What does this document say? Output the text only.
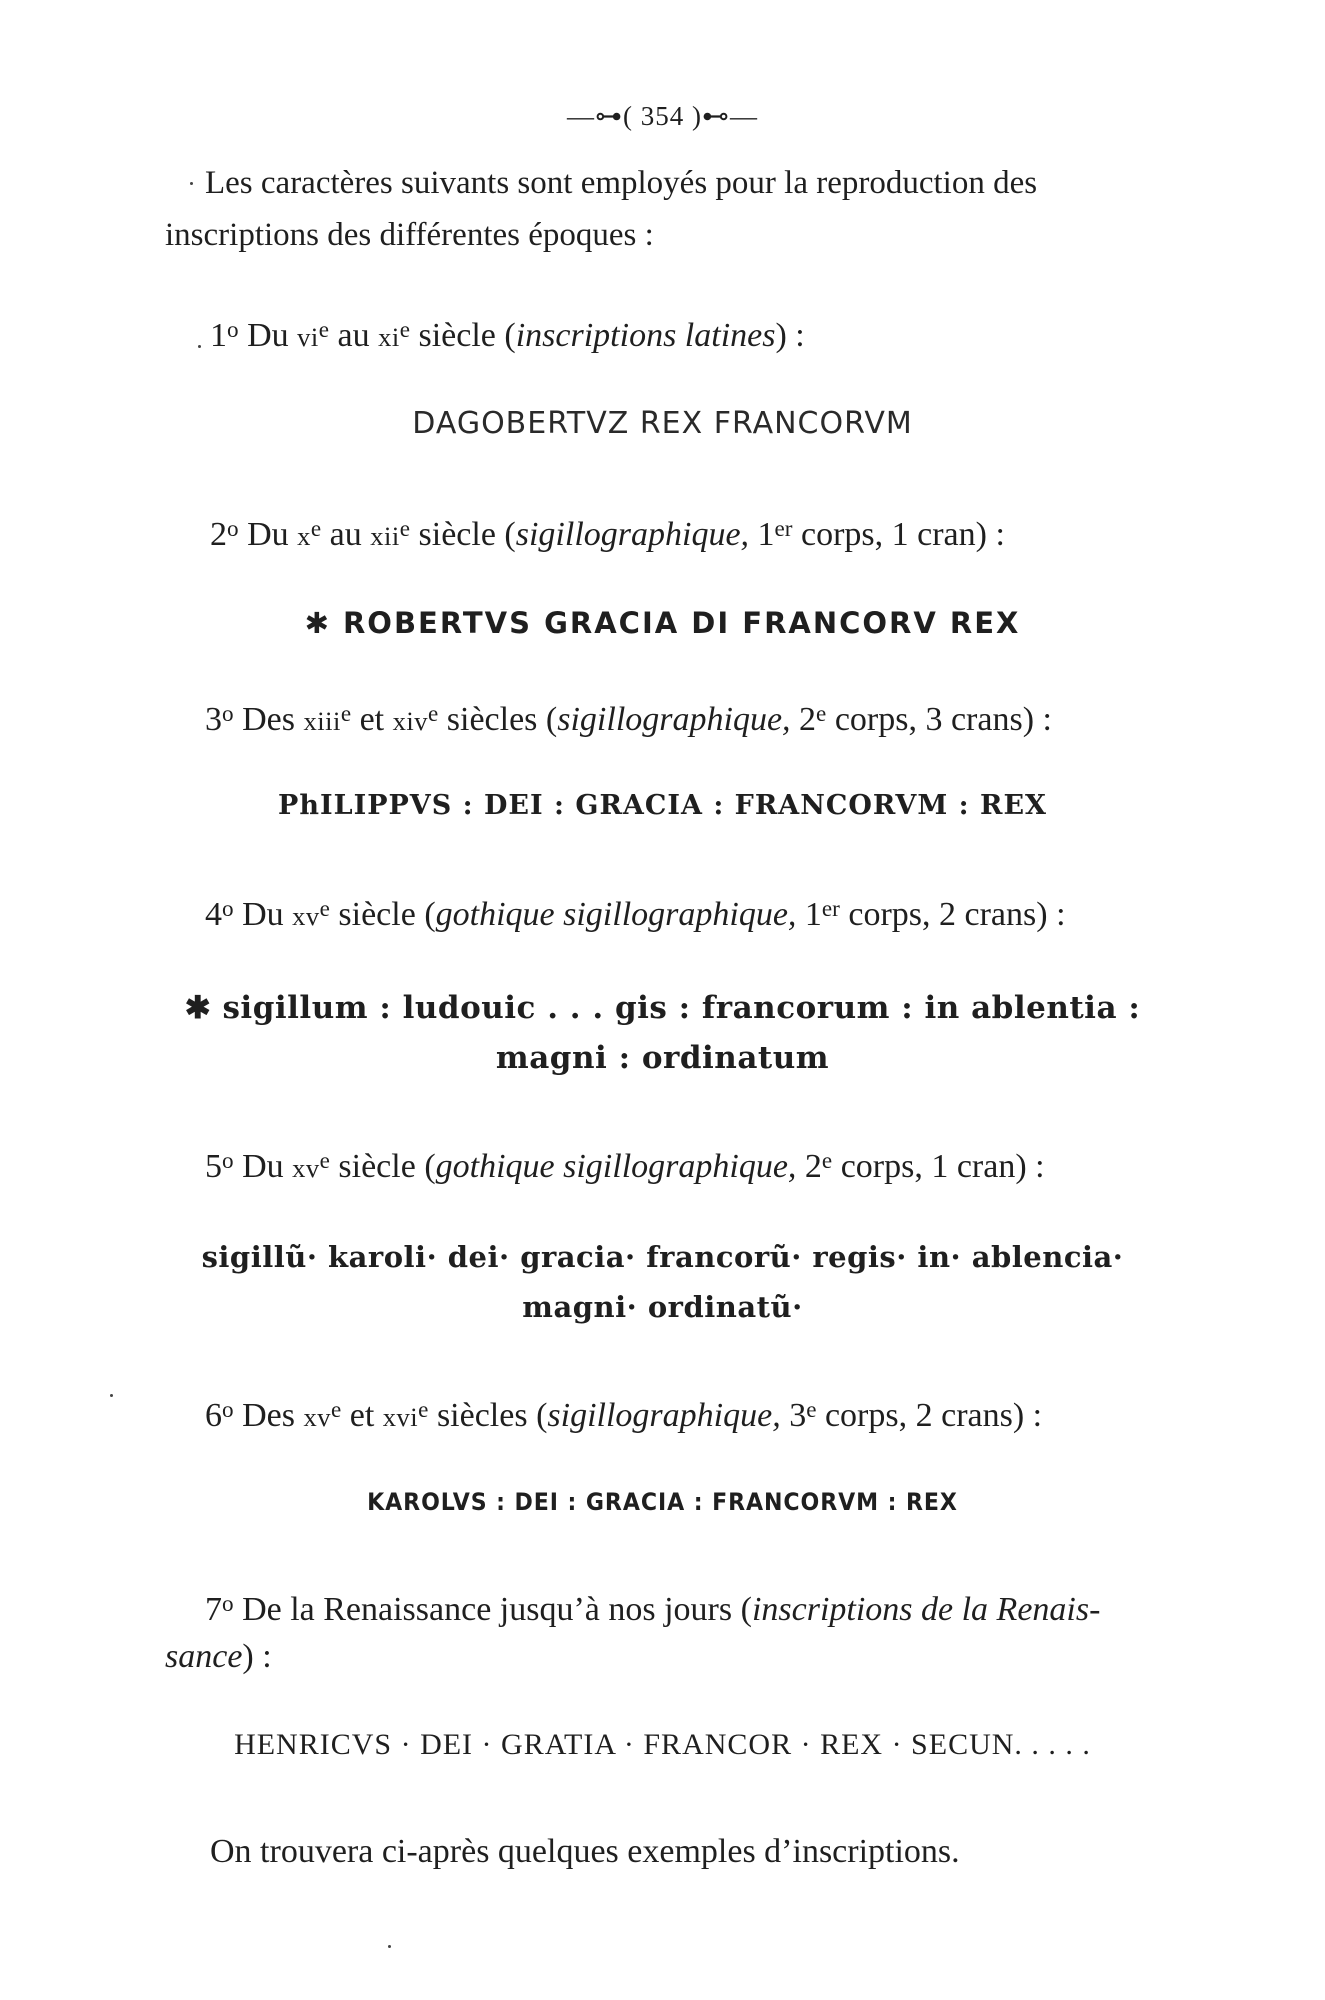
—⊶( 354 )⊷—

Les caractères suivants sont employés pour la reproduction des

inscriptions des différentes époques :

1$^o$ Du $vi^e$ au $xi^e$ siècle (inscriptions latines) :

DAGOBERTVZ REX FRANCORVM

2$^o$ Du $x^e$ au xii$^e$ siècle (sigillographique, 1er corps, 1 cran) :

✱ ROBERTVS GRACIA DI FRANCORV REX

3$^o$ Des xiii$^e$ et xiv$^e$ siècles (sigillographique, 2e corps, 3 crans) :

PhILIPPVS : DEI : GRACIA : FRANCORVM : REX

4$^o$ Du $xv^e$ siècle (gothique sigillographique, 1er corps, 2 crans) :

✱ sigillum : ludouic . . . gis : francorum : in ablentia :
magni : ordinatum

5$^o$ Du $xv^e$ siècle (gothique sigillographique, 2e corps, 1 cran) :

sigillũ· karoli· dei· gracia· francorũ· regis· in· ablencia·
magni· ordinatũ·

6$^o$ Des $xv^e$ et xvi$^e$ siècles (sigillographique, 3e corps, 2 crans) :

KAROLVS : DEI : GRACIA : FRANCORVM : REX

7$^o$ De la Renaissance jusqu’à nos jours (inscriptions de la Renais-

sance) :

HENRICVS · DEI · GRATIA · FRANCOR · REX · SECUN. . . . .

On trouvera ci-après quelques exemples d’inscriptions.
